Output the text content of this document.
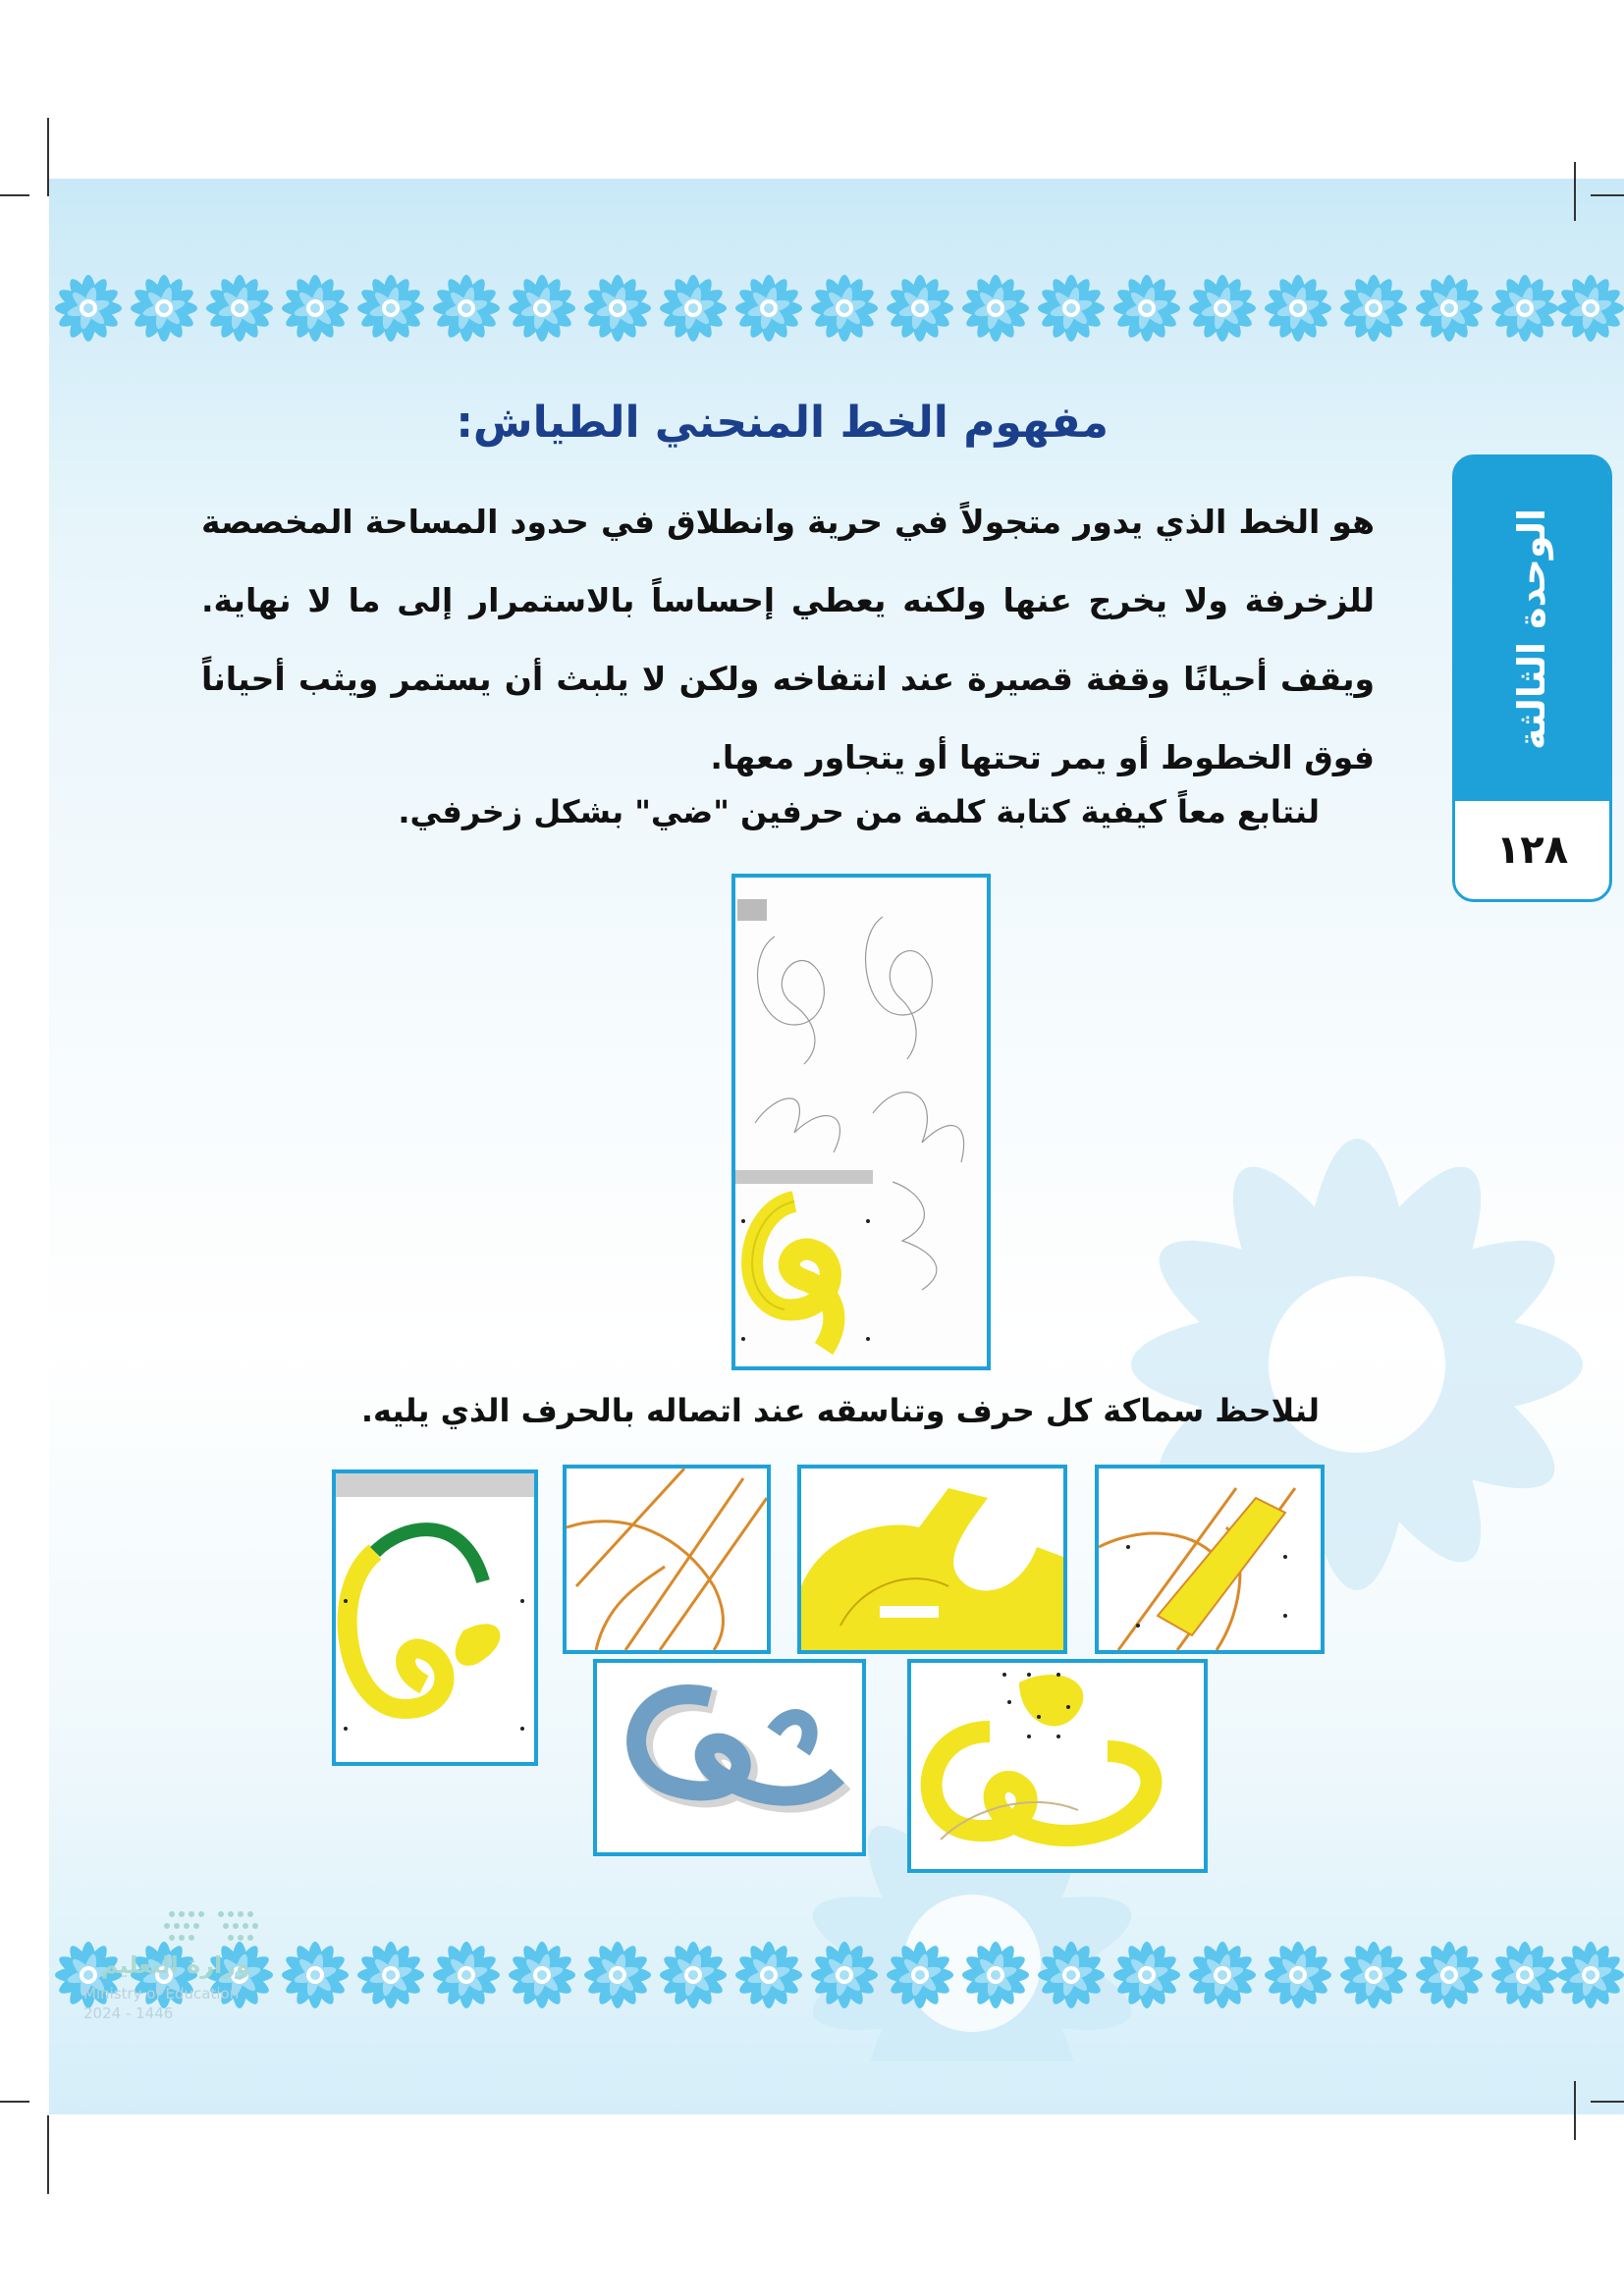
الوحدة الثالثة
١٢٨
مفهوم الخط المنحني الطياش:
هو الخط الذي يدور متجولاً في حرية وانطلاق في حدود المساحة المخصصة للزخرفة ولا يخرج عنها ولكنه يعطي إحساساً بالاستمرار إلى ما لا نهاية. ويقف أحيانًا وقفة قصيرة عند انتفاخه ولكن لا يلبث أن يستمر ويثب أحياناً فوق الخطوط أو يمر تحتها أو يتجاور معها.
لنتابع معاً كيفية كتابة كلمة من حرفين "ضي" بشكل زخرفي.
لنلاحظ سماكة كل حرف وتناسقه عند اتصاله بالحرف الذي يليه.
وزارة التعليم
Ministry of Education
2024 - 1446
